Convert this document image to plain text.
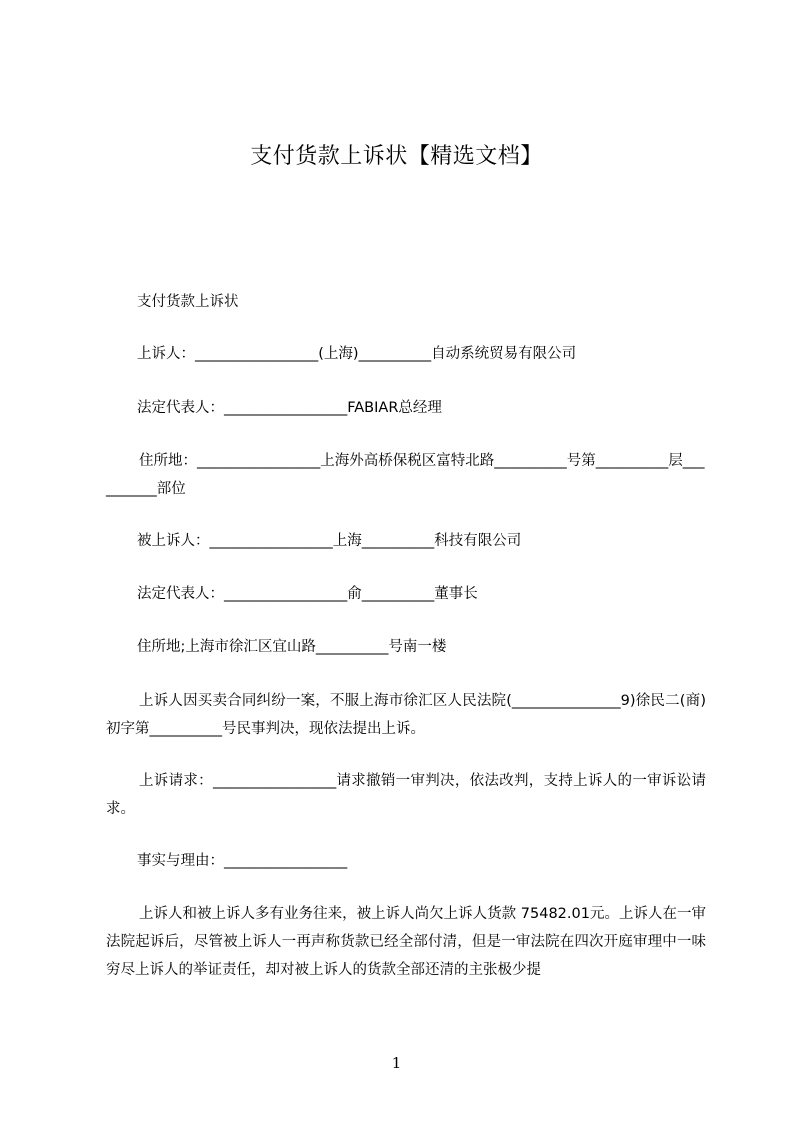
支付货款上诉状【精选文档】

支付货款上诉状

上诉人：_________________(上海)__________自动系统贸易有限公司

法定代表人：_________________FABIAR总经理

住所地：_________________上海外高桥保税区富特北路__________号第__________层__________部位

被上诉人：_________________上海__________科技有限公司

法定代表人：_________________俞__________董事长

住所地;上海市徐汇区宜山路__________号南一楼

上诉人因买卖合同纠纷一案，不服上海市徐汇区人民法院(_______________9)徐民二(商)初字第__________号民事判决，现依法提出上诉。

上诉请求：_________________请求撤销一审判决，依法改判，支持上诉人的一审诉讼请求。

事实与理由：_________________

上诉人和被上诉人多有业务往来，被上诉人尚欠上诉人货款 75482.01元。上诉人在一审法院起诉后，尽管被上诉人一再声称货款已经全部付清，但是一审法院在四次开庭审理中一味穷尽上诉人的举证责任，却对被上诉人的货款全部还清的主张极少提

1
